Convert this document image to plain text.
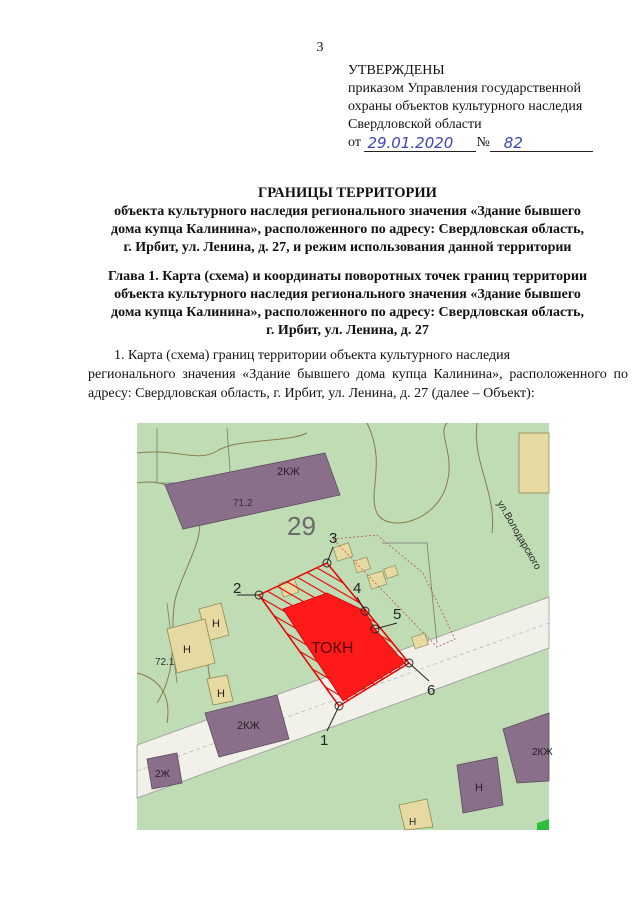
3
УТВЕРЖДЕНЫ
приказом Управления государственной
охраны объектов культурного наследия
Свердловской области
от
29.01.2020	№ 82
ГРАНИЦЫ ТЕРРИТОРИИ
объекта культурного наследия регионального значения «Здание бывшего
дома купца Калинина», расположенного по адресу: Свердловская область,
г. Ирбит, ул. Ленина, д. 27, и режим использования данной территории
Глава 1. Карта (схема) и координаты поворотных точек границ территории
объекта культурного наследия регионального значения «Здание бывшего
дома купца Калинина», расположенного по адресу: Свердловская область,
г. Ирбит, ул. Ленина, д. 27
1. Карта (схема) границ территории объекта культурного наследия
регионального значения «Здание бывшего дома купца Калинина», расположенного по адресу: Свердловская область, г. Ирбит, ул. Ленина, д. 27 (далее – Объект):
1
2
3
4
5
6
ТОКН
29
71.2
72.1
2КЖ
Н
Н
Н
2КЖ
2Ж
2КЖ
Н
Н
ул.Володарского
